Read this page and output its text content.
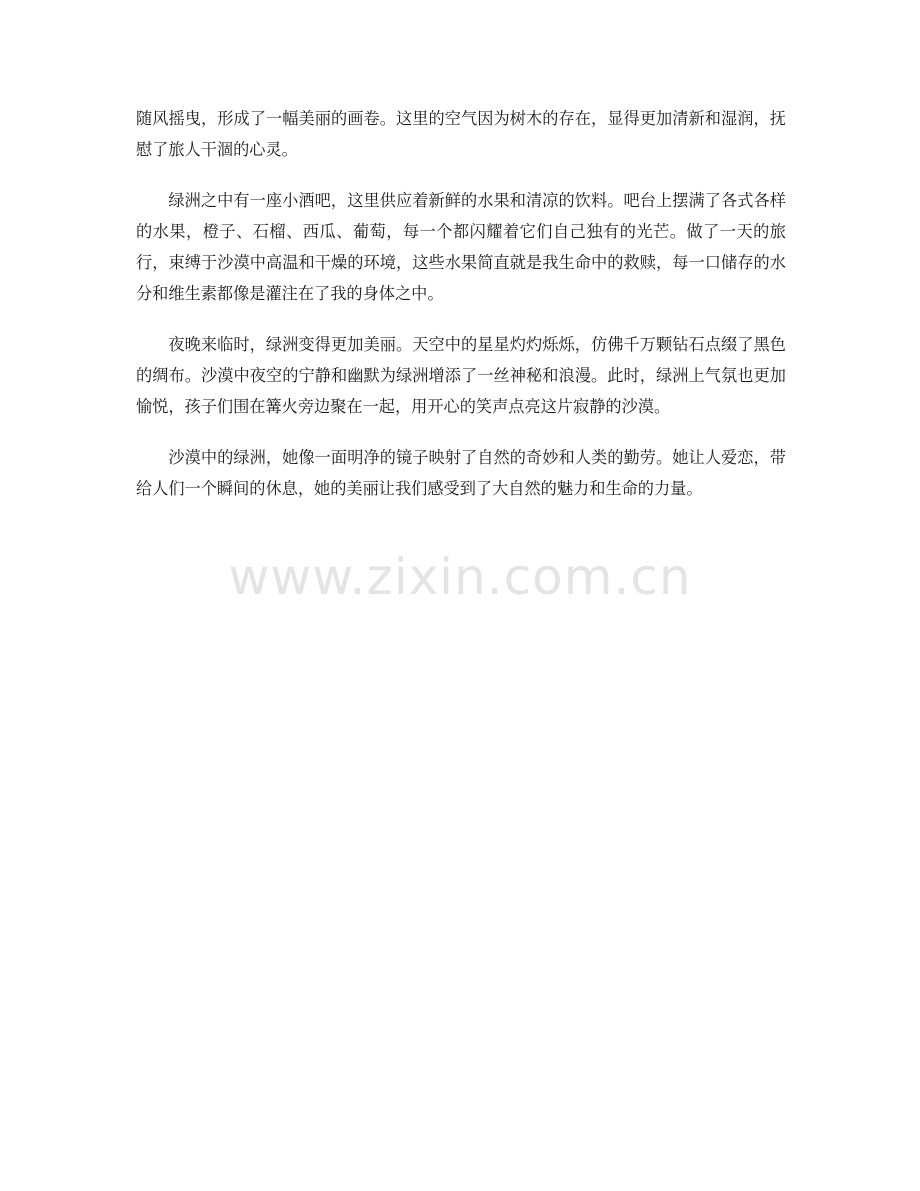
随风摇曳，形成了一幅美丽的画卷。这里的空气因为树木的存在，显得更加清新和湿润，抚慰了旅人干涸的心灵。

绿洲之中有一座小酒吧，这里供应着新鲜的水果和清凉的饮料。吧台上摆满了各式各样的水果，橙子、石榴、西瓜、葡萄，每一个都闪耀着它们自己独有的光芒。做了一天的旅行，束缚于沙漠中高温和干燥的环境，这些水果简直就是我生命中的救赎，每一口储存的水分和维生素都像是灌注在了我的身体之中。

夜晚来临时，绿洲变得更加美丽。天空中的星星灼灼烁烁，仿佛千万颗钻石点缀了黑色的绸布。沙漠中夜空的宁静和幽默为绿洲增添了一丝神秘和浪漫。此时，绿洲上气氛也更加愉悦，孩子们围在篝火旁边聚在一起，用开心的笑声点亮这片寂静的沙漠。

沙漠中的绿洲，她像一面明净的镜子映射了自然的奇妙和人类的勤劳。她让人爱恋，带给人们一个瞬间的休息，她的美丽让我们感受到了大自然的魅力和生命的力量。

www.zixin.com.cn
